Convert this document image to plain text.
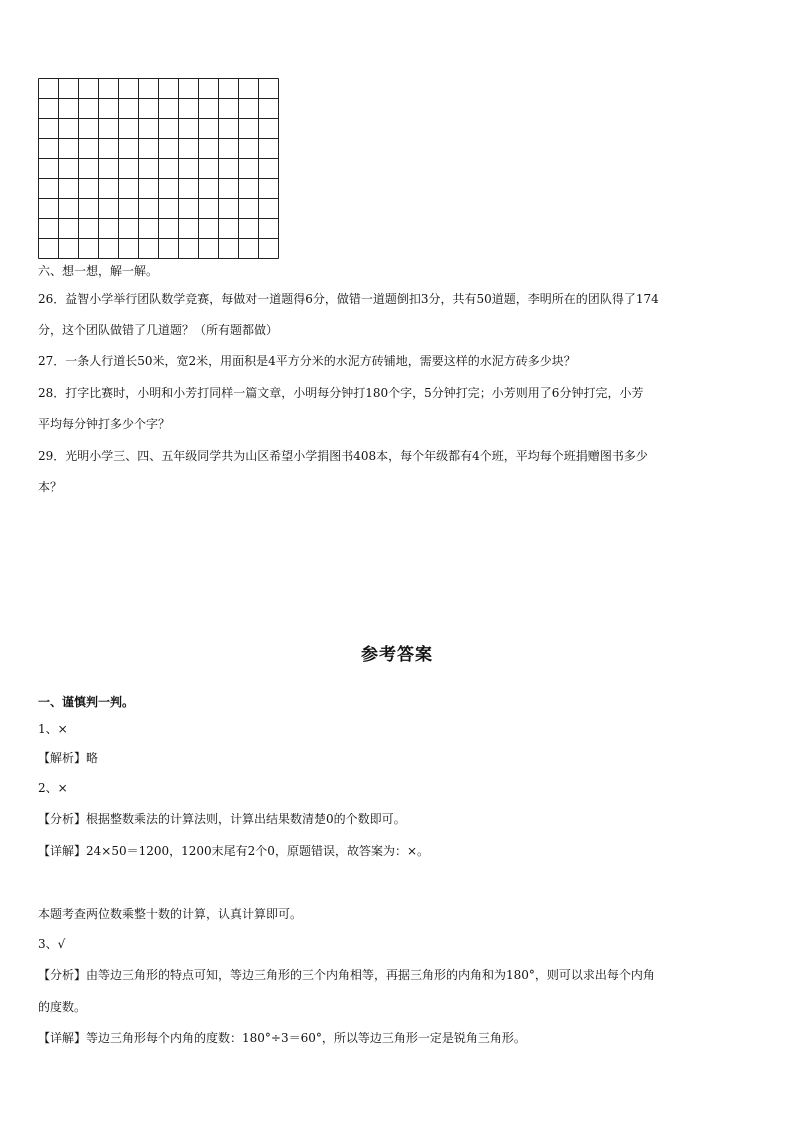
六、想一想，解一解。
26．益智小学举行团队数学竞赛，每做对一道题得6分，做错一道题倒扣3分，共有50道题，李明所在的团队得了174
分，这个团队做错了几道题？（所有题都做）
27．一条人行道长50米，宽2米，用面积是4平方分米的水泥方砖铺地，需要这样的水泥方砖多少块？
28．打字比赛时，小明和小芳打同样一篇文章，小明每分钟打180个字，5分钟打完；小芳则用了6分钟打完，小芳
平均每分钟打多少个字？
29．光明小学三、四、五年级同学共为山区希望小学捐图书408本，每个年级都有4个班，平均每个班捐赠图书多少
本？
参考答案
一、谨慎判一判。
1、×
【解析】略
2、×
【分析】根据整数乘法的计算法则，计算出结果数清楚0的个数即可。
【详解】24×50＝1200，1200末尾有2个0，原题错误，故答案为：×。
本题考查两位数乘整十数的计算，认真计算即可。
3、√
【分析】由等边三角形的特点可知，等边三角形的三个内角相等，再据三角形的内角和为180°，则可以求出每个内角
的度数。
【详解】等边三角形每个内角的度数：180°÷3＝60°，所以等边三角形一定是锐角三角形。
